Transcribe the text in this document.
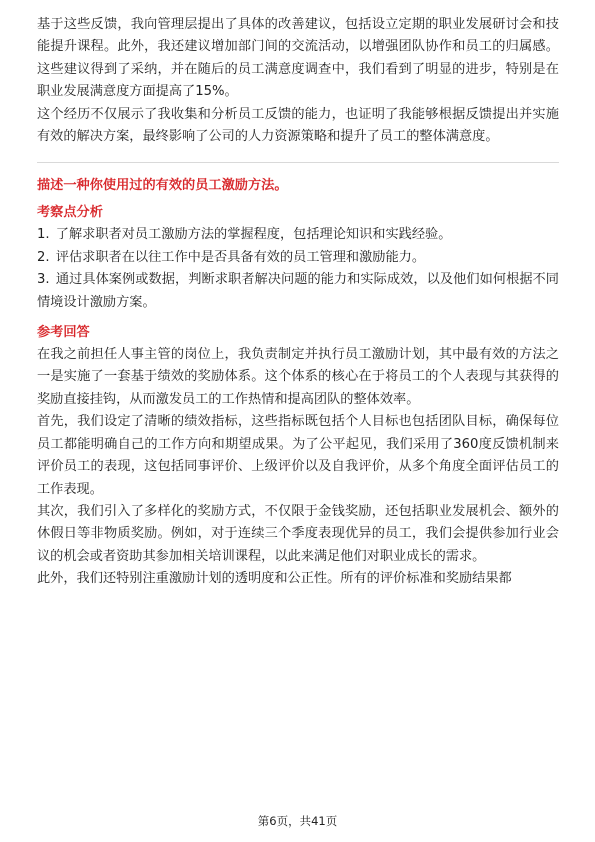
基于这些反馈，我向管理层提出了具体的改善建议，包括设立定期的职业发展研讨会和技能提升课程。此外，我还建议增加部门间的交流活动，以增强团队协作和员工的归属感。这些建议得到了采纳，并在随后的员工满意度调查中，我们看到了明显的进步，特别是在职业发展满意度方面提高了15%。

这个经历不仅展示了我收集和分析员工反馈的能力，也证明了我能够根据反馈提出并实施有效的解决方案，最终影响了公司的人力资源策略和提升了员工的整体满意度。

描述一种你使用过的有效的员工激励方法。

考察点分析

1. 了解求职者对员工激励方法的掌握程度，包括理论知识和实践经验。
2. 评估求职者在以往工作中是否具备有效的员工管理和激励能力。
3. 通过具体案例或数据，判断求职者解决问题的能力和实际成效，以及他们如何根据不同情境设计激励方案。

参考回答

在我之前担任人事主管的岗位上，我负责制定并执行员工激励计划，其中最有效的方法之一是实施了一套基于绩效的奖励体系。这个体系的核心在于将员工的个人表现与其获得的奖励直接挂钩，从而激发员工的工作热情和提高团队的整体效率。

首先，我们设定了清晰的绩效指标，这些指标既包括个人目标也包括团队目标，确保每位员工都能明确自己的工作方向和期望成果。为了公平起见，我们采用了360度反馈机制来评价员工的表现，这包括同事评价、上级评价以及自我评价，从多个角度全面评估员工的工作表现。

其次，我们引入了多样化的奖励方式，不仅限于金钱奖励，还包括职业发展机会、额外的休假日等非物质奖励。例如，对于连续三个季度表现优异的员工，我们会提供参加行业会议的机会或者资助其参加相关培训课程，以此来满足他们对职业成长的需求。

此外，我们还特别注重激励计划的透明度和公正性。所有的评价标准和奖励结果都

第6页，共41页
